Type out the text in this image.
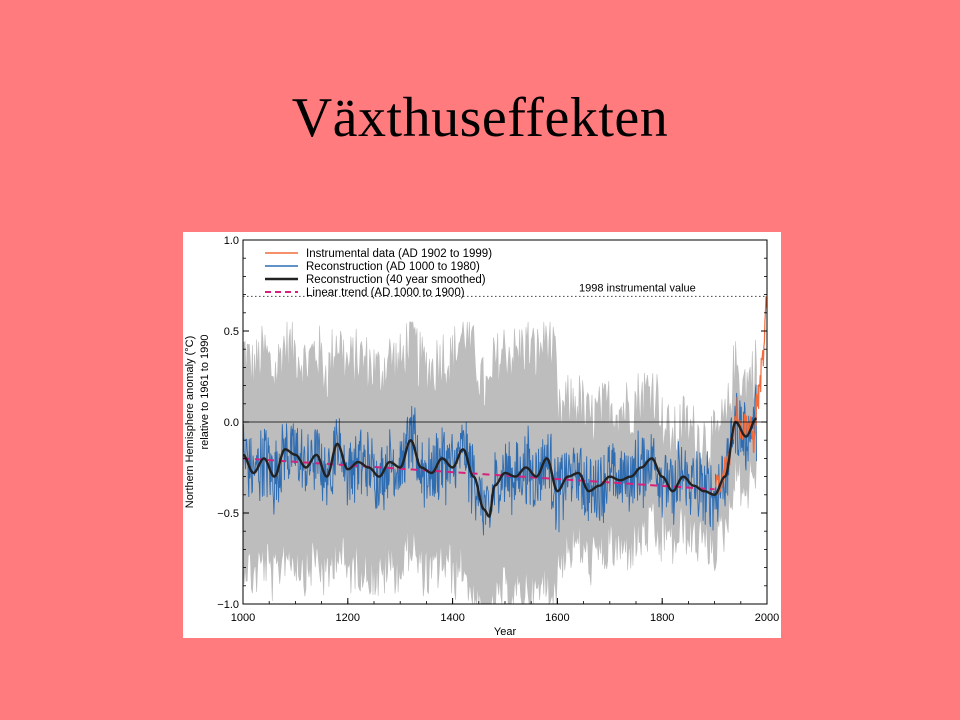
Växthuseffekten
1998 instrumental value
1.0
0.5
0.0
−0.5
−1.0
1000	1200	1400	1600	1800	2000
Year
Northern Hemisphere anomaly (°C) relative to 1961 to 1990
Instrumental data (AD 1902 to 1999)
Reconstruction (AD 1000 to 1980)
Reconstruction (40 year smoothed)
Linear trend (AD 1000 to 1900)
